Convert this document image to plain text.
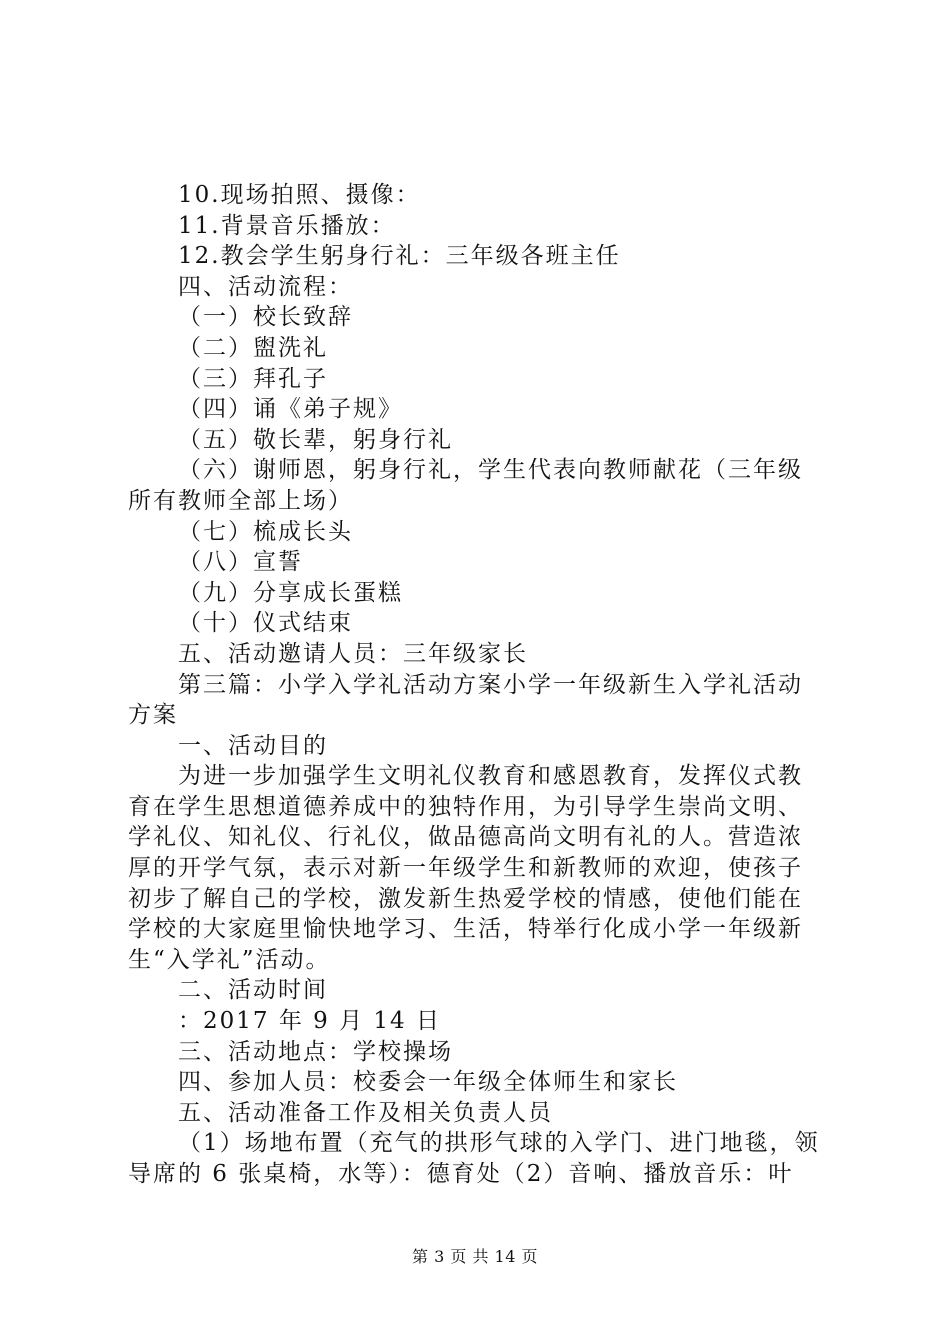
10.现场拍照、摄像：
11.背景音乐播放：
12.教会学生躬身行礼：三年级各班主任
四、活动流程：
（一）校长致辞
（二）盥洗礼
（三）拜孔子
（四）诵《弟子规》
（五）敬长辈，躬身行礼
（六）谢师恩，躬身行礼，学生代表向教师献花（三年级
所有教师全部上场）
（七）梳成长头
（八）宣誓
（九）分享成长蛋糕
（十）仪式结束
五、活动邀请人员：三年级家长
第三篇：小学入学礼活动方案小学一年级新生入学礼活动
方案
一、活动目的
为进一步加强学生文明礼仪教育和感恩教育，发挥仪式教
育在学生思想道德养成中的独特作用，为引导学生崇尚文明、
学礼仪、知礼仪、行礼仪，做品德高尚文明有礼的人。营造浓
厚的开学气氛，表示对新一年级学生和新教师的欢迎，使孩子
初步了解自己的学校，激发新生热爱学校的情感，使他们能在
学校的大家庭里愉快地学习、生活，特举行化成小学一年级新
生“入学礼”活动。
二、活动时间
：2017 年 9 月 14 日
三、活动地点：学校操场
四、参加人员：校委会一年级全体师生和家长
五、活动准备工作及相关负责人员
（1）场地布置（充气的拱形气球的入学门、进门地毯，领
导席的 6 张桌椅，水等）：德育处（2）音响、播放音乐：叶
第 3 页 共 14 页
